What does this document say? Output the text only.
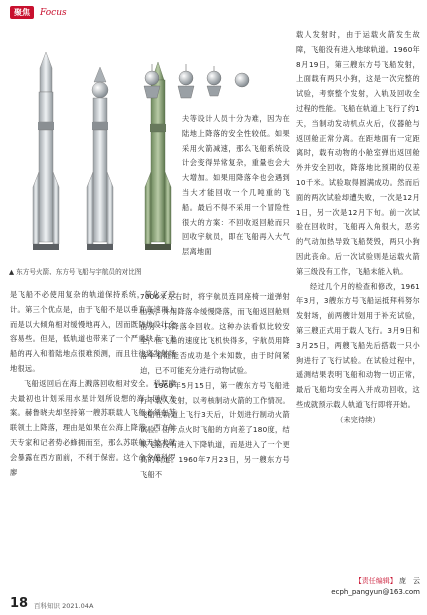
聚焦	Focus
▲ 东方号火箭、东方号飞船与宇航员的对比图

是飞船不必使用复杂的轨道保持系统，简化了设计。第三个优点是，由于飞船不是以垂直高速再入而是以大倾角相对缓慢地再入，因而既防热设计会容易些。但是，低轨道也带来了一个严重缺点：飞船的再入和着陆地点很难预测，而且往往离发射场地很远。

飞船返回后在海上溅落回收相对安全。科罗廖夫最初也计划采用水星计划所设想的海上回收方案。赫鲁晓夫却坚持第一艘苏联载人飞船必须在苏联领土上降落，理由是如果在公海上降落，西方航天专家和记者势必蜂拥而至，那么苏联航天技术就会暴露在西方面前，不利于保密。这个命令使科罗廖

夫等设计人员十分为难，因为在陆地上降落的安全性较低。如果采用火箭减速，那么飞船系统设计会变得异常复杂，重量也会大大增加。如果用降落伞也会遇到当大才能回收一个几吨重的飞船。最后不得不采用一个冒险性很大的方案：不回收返回舱而只回收宇航员，即在飞船再入大气层离地面

7000米左右时，将宇航员连同座椅一道弹射出去，并用降落伞缓慢降落，而飞船返回舱则由另一只降落伞回收。这种办法看似比较安全，但飞船的速度比飞机快得多，宇航员用降落伞着陆能否成功是个未知数，由于时间紧迫，已不可能充分进行动物试验。

1960年5月15日，第一艘东方号飞船进行不载人发射，以考核制动火箭的工作情况。飞船在轨道上飞行3天后，计划进行制动火箭试验。由于点火时飞船的方向差了180度，结果飞船没有进入下降轨道，而是进入了一个更高的轨道。1960年7月23日，另一艘东方号飞船不

载人发射时，由于运载火箭发生故障，飞船没有进入地球轨道。1960年8月19日，第三艘东方号飞船发射，上面载有两只小狗，这是一次完整的试验，考察整个发射，入轨及回收全过程的性能。飞船在轨道上飞行了约1天，当制动发动机点火后，仪器舱与返回舱正常分离。在距地面有一定距离时，载有动物的小舱室弹出返回舱外并安全回收，降落地比预期的仅差10千米。试验取得圆满成功。然而后面的两次试验却遭失败，一次是12月1日，另一次是12月下旬。前一次试验在回收时，飞船再入角很大，恶劣的气动加热导致飞船焚毁，两只小狗因此丧命。后一次试验则是运载火箭第三级没有工作，飞船未能入轨。

经过几个月的检查和修改，1961年3月，3艘东方号飞船运抵拜科努尔发射场，前两艘计划用于补充试验，第三艘正式用于载人飞行。3月9日和3月25日，两艘飞船先后搭载一只小狗进行了飞行试验。在试验过程中，遥测结果表明飞船和动物一切正常，最后飞船均安全再入并成功回收，这些成就预示载人轨道飞行即将开始。

（未完待续）

【责任编辑】 庞　云
ecph_pangyun@163.com
18 百科知识 2021.04A
